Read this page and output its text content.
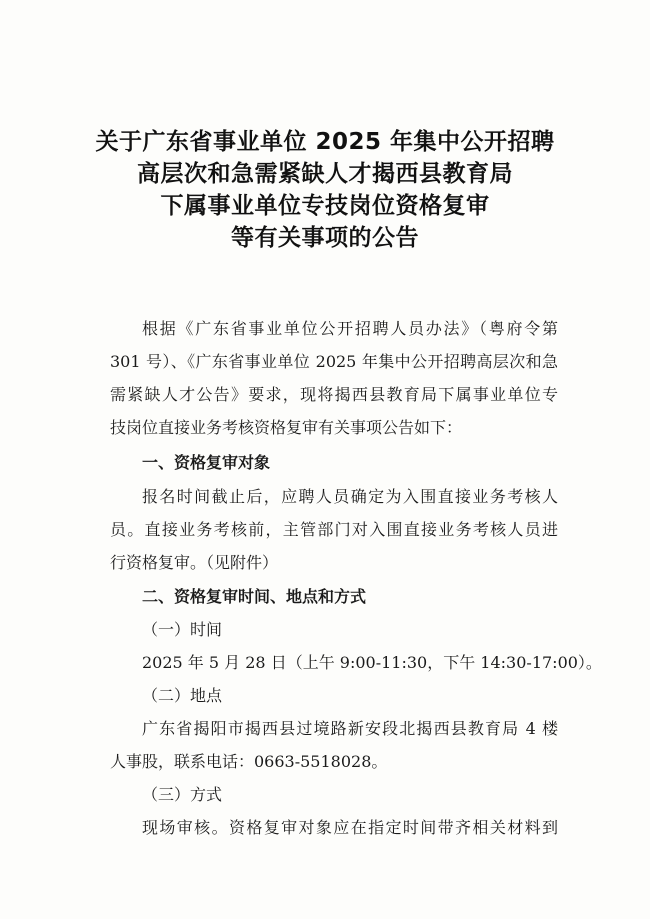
关于广东省事业单位 2025 年集中公开招聘
高层次和急需紧缺人才揭西县教育局
下属事业单位专技岗位资格复审
等有关事项的公告
根据《广东省事业单位公开招聘人员办法》（粤府令第
301 号）、《广东省事业单位 2025 年集中公开招聘高层次和急
需紧缺人才公告》要求，现将揭西县教育局下属事业单位专
技岗位直接业务考核资格复审有关事项公告如下：
一、资格复审对象
报名时间截止后，应聘人员确定为入围直接业务考核人
员。直接业务考核前，主管部门对入围直接业务考核人员进
行资格复审。（见附件）
二、资格复审时间、地点和方式
（一）时间
2025 年 5 月 28 日（上午 9:00-11:30，下午 14:30-17:00）。
（二）地点
广东省揭阳市揭西县过境路新安段北揭西县教育局 4 楼
人事股，联系电话：0663-5518028。
（三）方式
现场审核。资格复审对象应在指定时间带齐相关材料到
